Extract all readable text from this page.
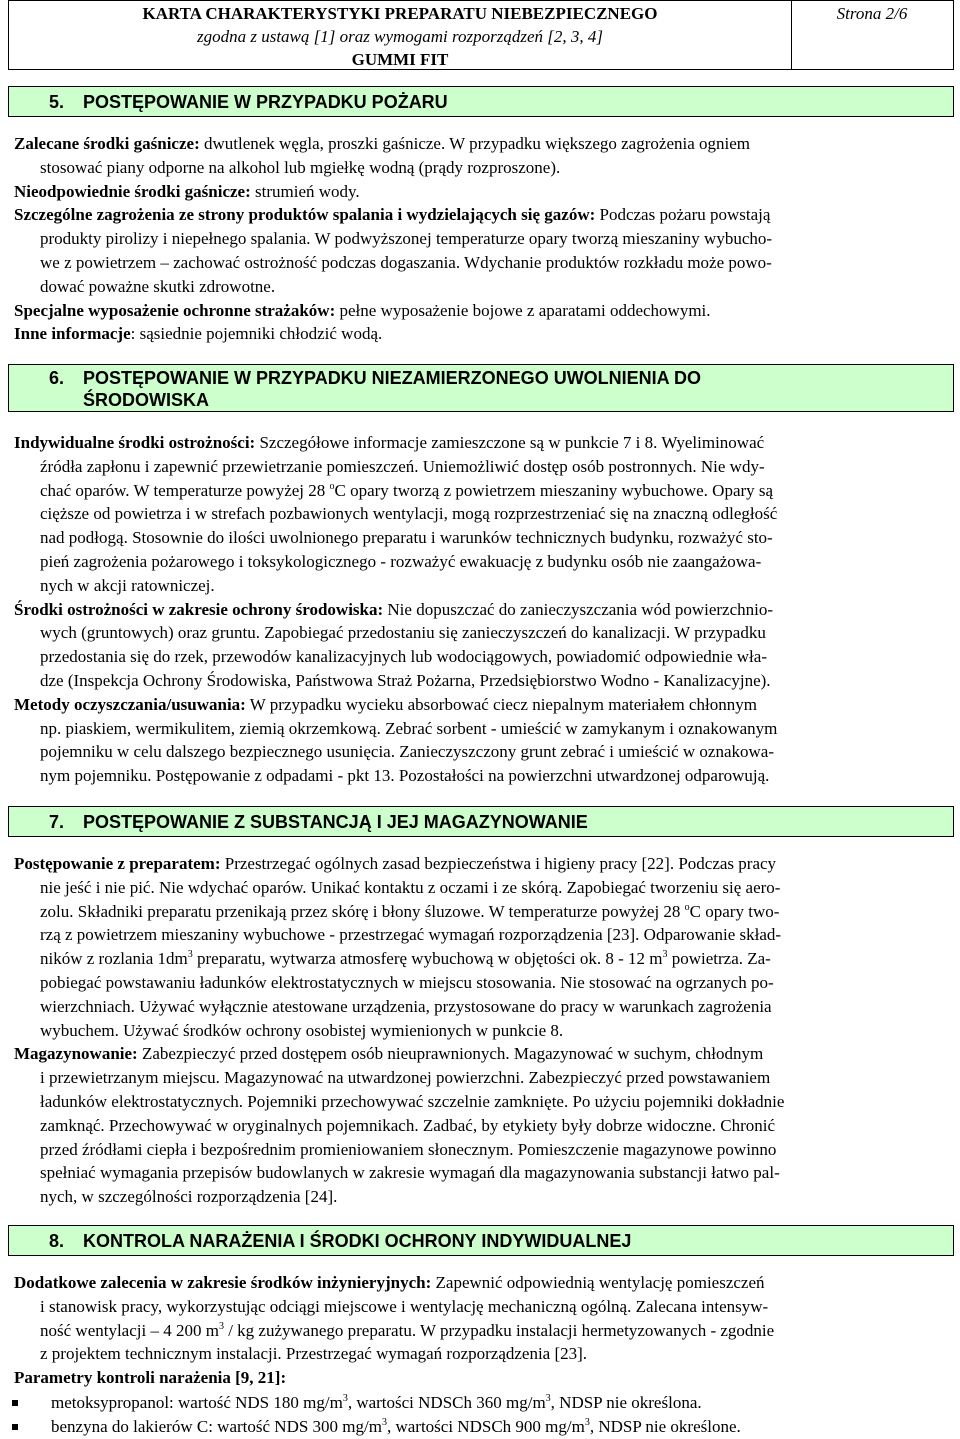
KARTA CHARAKTERYSTYKI PREPARATU NIEBEZPIECZNEGO
zgodna z ustawą [1] oraz wymogami rozporządzeń [2, 3, 4]
GUMMI FIT
Strona 2/6
5. POSTĘPOWANIE W PRZYPADKU POŻARU
Zalecane środki gaśnicze: dwutlenek węgla, proszki gaśnicze. W przypadku większego zagrożenia ogniem
stosować piany odporne na alkohol lub mgiełkę wodną (prądy rozproszone).
Nieodpowiednie środki gaśnicze: strumień wody.
Szczególne zagrożenia ze strony produktów spalania i wydzielających się gazów: Podczas pożaru powstają
produkty pirolizy i niepełnego spalania. W podwyższonej temperaturze opary tworzą mieszaniny wybucho-
we z powietrzem – zachować ostrożność podczas dogaszania. Wdychanie produktów rozkładu może powo-
dować poważne skutki zdrowotne.
Specjalne wyposażenie ochronne strażaków: pełne wyposażenie bojowe z aparatami oddechowymi.
Inne informacje: sąsiednie pojemniki chłodzić wodą.
6. POSTĘPOWANIE W PRZYPADKU NIEZAMIERZONEGO UWOLNIENIA DO
ŚRODOWISKA
Indywidualne środki ostrożności: Szczegółowe informacje zamieszczone są w punkcie 7 i 8. Wyeliminować
źródła zapłonu i zapewnić przewietrzanie pomieszczeń. Uniemożliwić dostęp osób postronnych. Nie wdy-
chać oparów. W temperaturze powyżej 28 $^o$C opary tworzą z powietrzem mieszaniny wybuchowe. Opary są
cięższe od powietrza i w strefach pozbawionych wentylacji, mogą rozprzestrzeniać się na znaczną odległość
nad podłogą. Stosownie do ilości uwolnionego preparatu i warunków technicznych budynku, rozważyć sto-
pień zagrożenia pożarowego i toksykologicznego - rozważyć ewakuację z budynku osób nie zaangażowa-
nych w akcji ratowniczej.
Środki ostrożności w zakresie ochrony środowiska: Nie dopuszczać do zanieczyszczania wód powierzchnio-
wych (gruntowych) oraz gruntu. Zapobiegać przedostaniu się zanieczyszczeń do kanalizacji. W przypadku
przedostania się do rzek, przewodów kanalizacyjnych lub wodociągowych, powiadomić odpowiednie wła-
dze (Inspekcja Ochrony Środowiska, Państwowa Straż Pożarna, Przedsiębiorstwo Wodno - Kanalizacyjne).
Metody oczyszczania/usuwania: W przypadku wycieku absorbować ciecz niepalnym materiałem chłonnym
np. piaskiem, wermikulitem, ziemią okrzemkową. Zebrać sorbent - umieścić w zamykanym i oznakowanym
pojemniku w celu dalszego bezpiecznego usunięcia. Zanieczyszczony grunt zebrać i umieścić w oznakowa-
nym pojemniku. Postępowanie z odpadami - pkt 13. Pozostałości na powierzchni utwardzonej odparowują.
7. POSTĘPOWANIE Z SUBSTANCJĄ I JEJ MAGAZYNOWANIE
Postępowanie z preparatem: Przestrzegać ogólnych zasad bezpieczeństwa i higieny pracy [22]. Podczas pracy
nie jeść i nie pić. Nie wdychać oparów. Unikać kontaktu z oczami i ze skórą. Zapobiegać tworzeniu się aero-
zolu. Składniki preparatu przenikają przez skórę i błony śluzowe. W temperaturze powyżej 28 $^o$C opary two-
rzą z powietrzem mieszaniny wybuchowe - przestrzegać wymagań rozporządzenia [23]. Odparowanie skład-
ników z rozlania $1dm^3$ preparatu, wytwarza atmosferę wybuchową w objętości ok. 8 - 12 $m^3$ powietrza. Za-
pobiegać powstawaniu ładunków elektrostatycznych w miejscu stosowania. Nie stosować na ogrzanych po-
wierzchniach. Używać wyłącznie atestowane urządzenia, przystosowane do pracy w warunkach zagrożenia
wybuchem. Używać środków ochrony osobistej wymienionych w punkcie 8.
Magazynowanie: Zabezpieczyć przed dostępem osób nieuprawnionych. Magazynować w suchym, chłodnym
i przewietrzanym miejscu. Magazynować na utwardzonej powierzchni. Zabezpieczyć przed powstawaniem
ładunków elektrostatycznych. Pojemniki przechowywać szczelnie zamknięte. Po użyciu pojemniki dokładnie
zamknąć. Przechowywać w oryginalnych pojemnikach. Zadbać, by etykiety były dobrze widoczne. Chronić
przed źródłami ciepła i bezpośrednim promieniowaniem słonecznym. Pomieszczenie magazynowe powinno
spełniać wymagania przepisów budowlanych w zakresie wymagań dla magazynowania substancji łatwo pal-
nych, w szczególności rozporządzenia [24].
8. KONTROLA NARAŻENIA I ŚRODKI OCHRONY INDYWIDUALNEJ
Dodatkowe zalecenia w zakresie środków inżynieryjnych: Zapewnić odpowiednią wentylację pomieszczeń
i stanowisk pracy, wykorzystując odciągi miejscowe i wentylację mechaniczną ogólną. Zalecana intensyw-
ność wentylacji – 4 200 $m^3$ / kg zużywanego preparatu. W przypadku instalacji hermetyzowanych - zgodnie
z projektem technicznym instalacji. Przestrzegać wymagań rozporządzenia [23].
Parametry kontroli narażenia [9, 21]:
metoksypropanol: wartość NDS 180 $mg/m^3$, wartości NDSCh 360 $mg/m^3$, NDSP nie określona.
benzyna do lakierów C: wartość NDS 300 $mg/m^3$, wartości NDSCh 900 $mg/m^3$, NDSP nie określone.
